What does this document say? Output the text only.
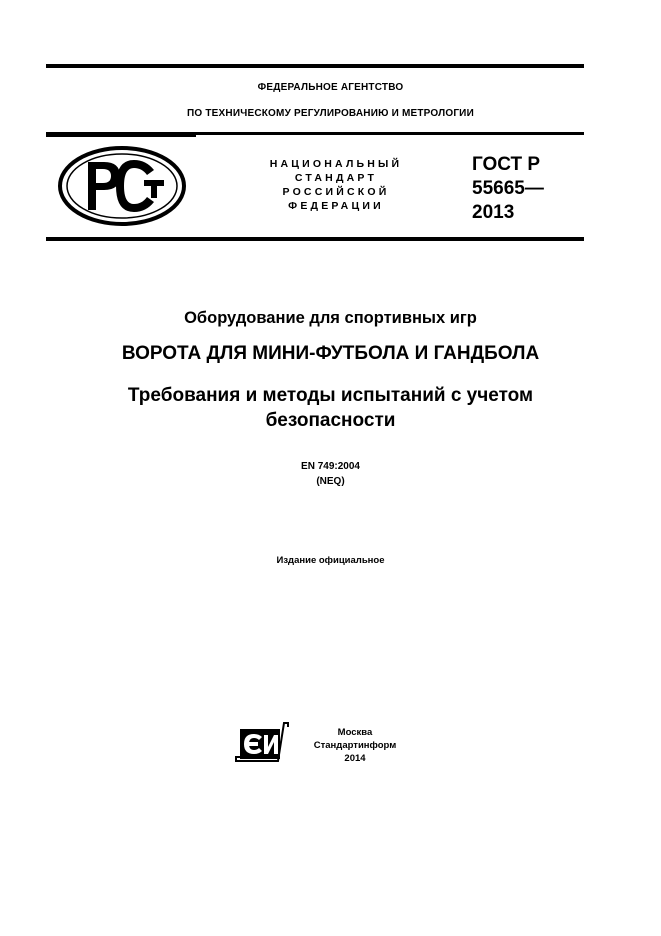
ФЕДЕРАЛЬНОЕ АГЕНТСТВО
ПО ТЕХНИЧЕСКОМУ РЕГУЛИРОВАНИЮ И МЕТРОЛОГИИ
НАЦИОНАЛЬНЫЙ
СТАНДАРТ
РОССИЙСКОЙ
ФЕДЕРАЦИИ
ГОСТ Р
55665—
2013
Оборудование для спортивных игр
ВОРОТА ДЛЯ МИНИ-ФУТБОЛА И ГАНДБОЛА
Требования и методы испытаний с учетом
безопасности
EN 749:2004
(NEQ)
Издание официальное
Москва
Стандартинформ
2014
